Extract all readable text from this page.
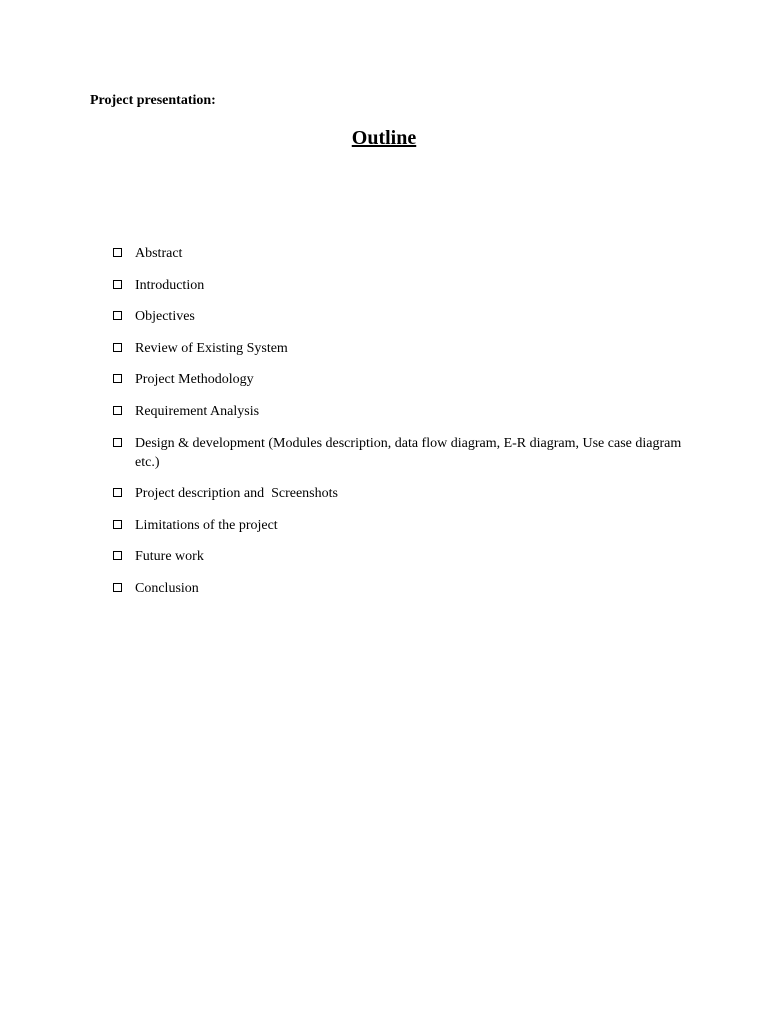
Project presentation:

Outline
Abstract
Introduction
Objectives
Review of Existing System
Project Methodology
Requirement Analysis
Design & development (Modules description, data flow diagram, E-R diagram, Use case diagram etc.)
Project description and  Screenshots
Limitations of the project
Future work
Conclusion
